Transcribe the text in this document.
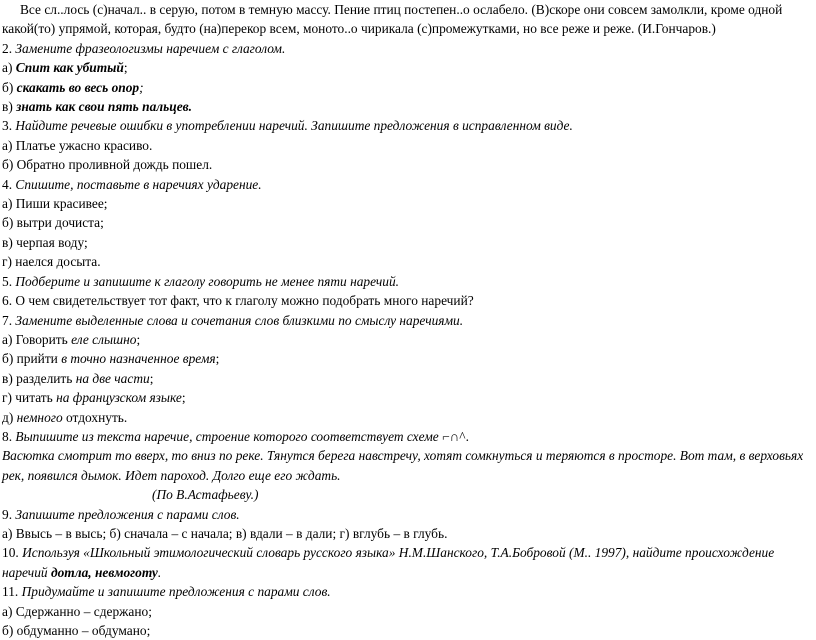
Все сл..лось (с)начал.. в серую, потом в темную массу. Пение птиц постепен..о ослабело. (В)скоре они совсем замолкли, кроме одной какой(то) упрямой, которая, будто (на)перекор всем, моното..о чирикала (с)промежутками, но все реже и реже. (И.Гончаров.)
2. Замените фразеологизмы наречием с глаголом.
а) Спит как убитый;
б) скакать во весь опор;
в) знать как свои пять пальцев.
3. Найдите речевые ошибки в употреблении наречий. Запишите предложения в исправленном виде.
а) Платье ужасно красиво.
б) Обратно проливной дождь пошел.
4. Спишите, поставьте в наречиях ударение.
а) Пиши красивее;
б) вытри дочиста;
в) черпая воду;
г) наелся досыта.
5. Подберите и запишите к глаголу говорить не менее пяти наречий.
6. О чем свидетельствует тот факт, что к глаголу можно подобрать много наречий?
7. Замените выделенные слова и сочетания слов близкими по смыслу наречиями.
а) Говорить еле слышно;
б) прийти в точно назначенное время;
в) разделить на две части;
г) читать на французском языке;
д) немного отдохнуть.
8. Выпишите из текста наречие, строение которого соответствует схеме ⌐∩^.
Васютка смотрит то вверх, то вниз по реке. Тянутся берега навстречу, хотят сомкнуться и теряются в просторе. Вот там, в верховьях рек, появился дымок. Идет пароход. Долго еще его ждать.
(По В.Астафьеву.)
9. Запишите предложения с парами слов.
а) Ввысь – в высь; б) сначала – с начала; в) вдали – в дали; г) вглубь – в глубь.
10. Используя «Школьный этимологический словарь русского языка» Н.М.Шанского, Т.А.Бобровой (М.. 1997), найдите происхождение наречий дотла, невмоготу.
11. Придумайте и запишите предложения с парами слов.
а) Сдержанно – сдержано;
б) обдуманно – обдумано;
